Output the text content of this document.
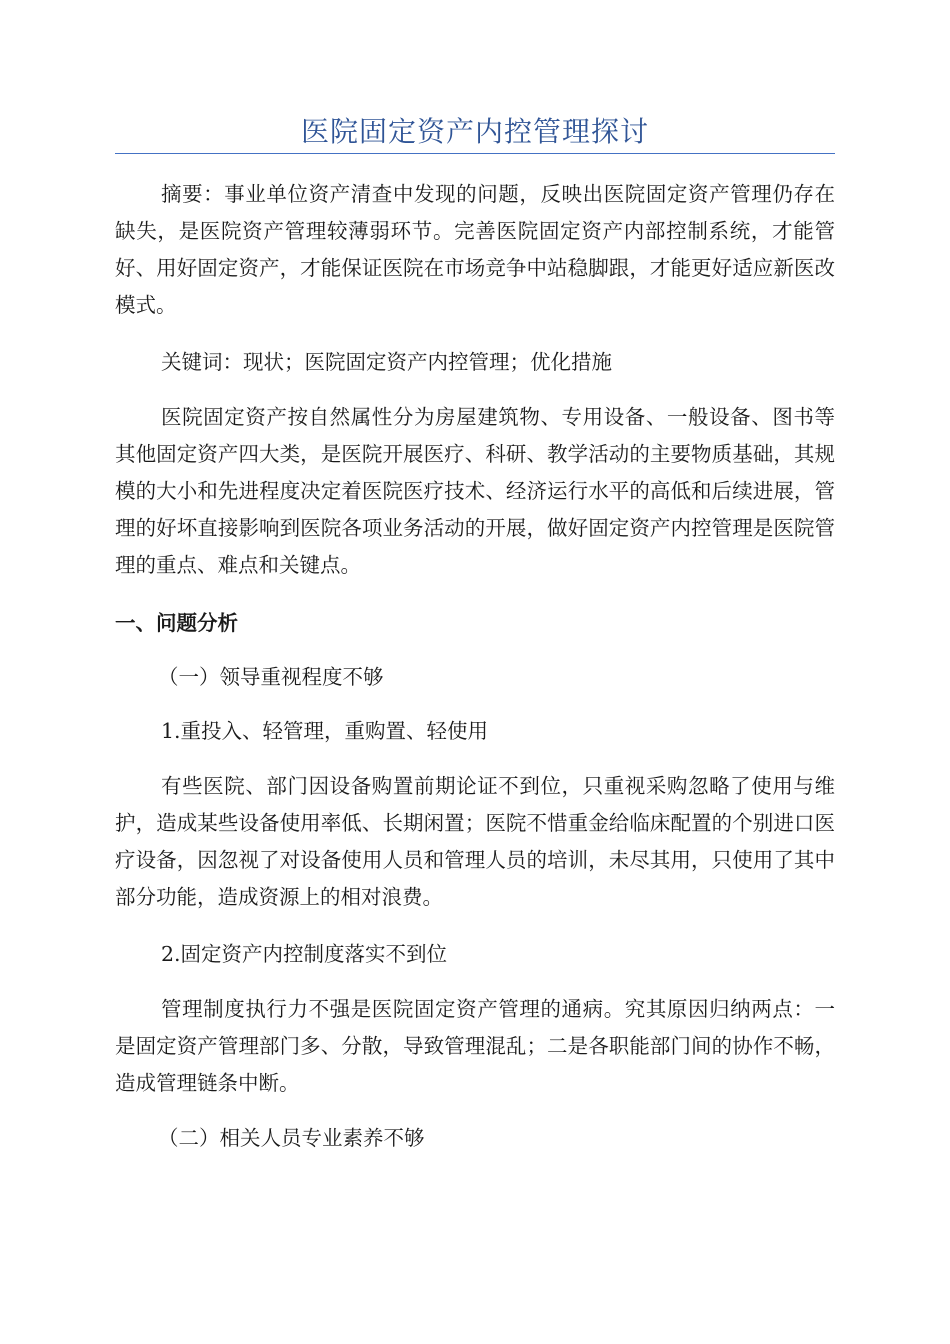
医院固定资产内控管理探讨

摘要：事业单位资产清查中发现的问题，反映出医院固定资产管理仍存在缺失，是医院资产管理较薄弱环节。完善医院固定资产内部控制系统，才能管好、用好固定资产，才能保证医院在市场竞争中站稳脚跟，才能更好适应新医改模式。

关键词：现状；医院固定资产内控管理；优化措施

医院固定资产按自然属性分为房屋建筑物、专用设备、一般设备、图书等其他固定资产四大类，是医院开展医疗、科研、教学活动的主要物质基础，其规模的大小和先进程度决定着医院医疗技术、经济运行水平的高低和后续进展，管理的好坏直接影响到医院各项业务活动的开展，做好固定资产内控管理是医院管理的重点、难点和关键点。

一、问题分析

（一）领导重视程度不够

1.重投入、轻管理，重购置、轻使用

有些医院、部门因设备购置前期论证不到位，只重视采购忽略了使用与维护，造成某些设备使用率低、长期闲置；医院不惜重金给临床配置的个别进口医疗设备，因忽视了对设备使用人员和管理人员的培训，未尽其用，只使用了其中部分功能，造成资源上的相对浪费。

2.固定资产内控制度落实不到位

管理制度执行力不强是医院固定资产管理的通病。究其原因归纳两点：一是固定资产管理部门多、分散，导致管理混乱；二是各职能部门间的协作不畅，造成管理链条中断。

（二）相关人员专业素养不够
